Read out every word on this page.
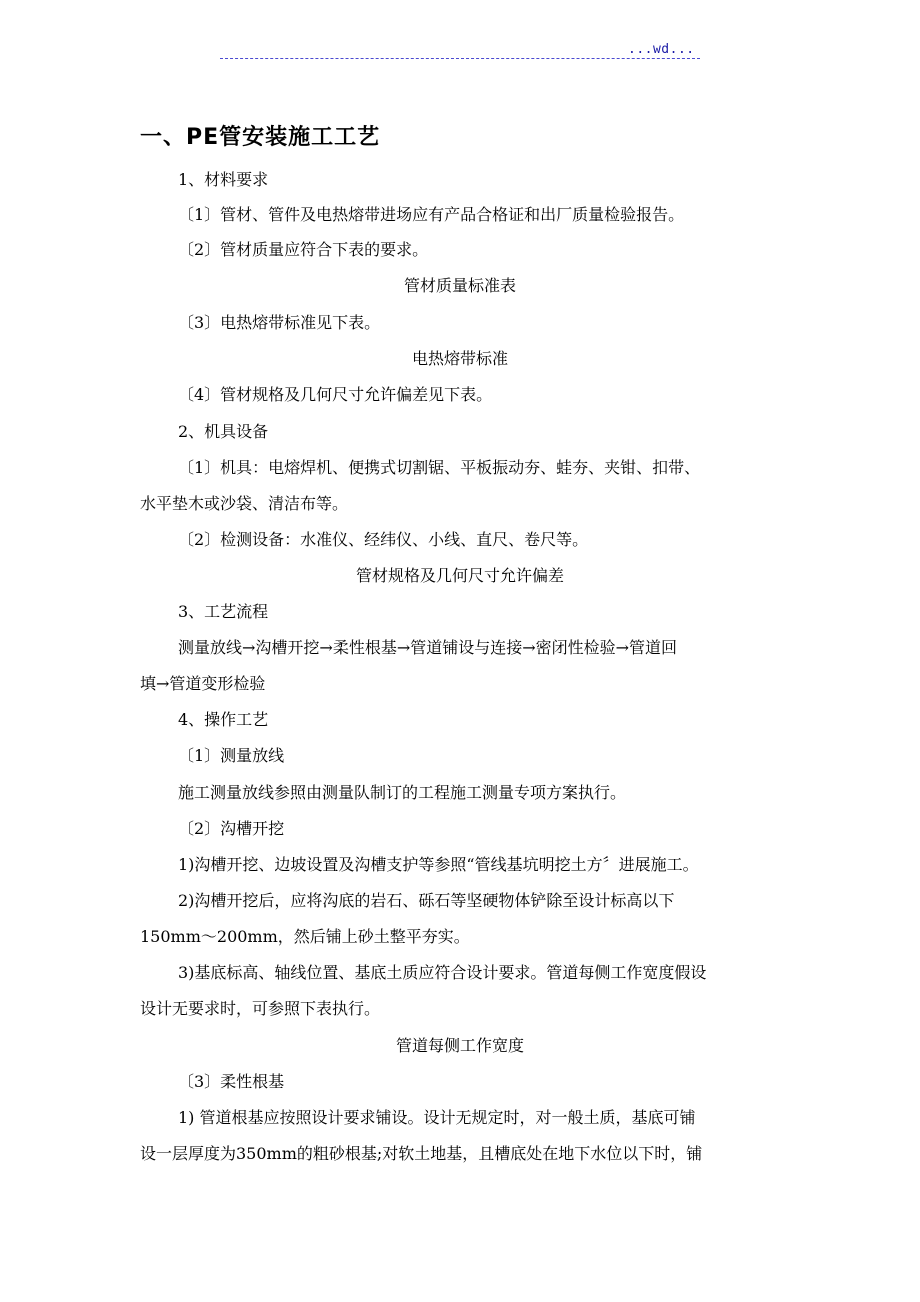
...wd...
一、PE管安装施工工艺
1、材料要求
〔1〕管材、管件及电热熔带进场应有产品合格证和出厂质量检验报告。
〔2〕管材质量应符合下表的要求。
管材质量标准表
〔3〕电热熔带标准见下表。
电热熔带标准
〔4〕管材规格及几何尺寸允许偏差见下表。
2、机具设备
〔1〕机具：电熔焊机、便携式切割锯、平板振动夯、蛙夯、夹钳、扣带、
水平垫木或沙袋、清洁布等。
〔2〕检测设备：水准仪、经纬仪、小线、直尺、卷尺等。
管材规格及几何尺寸允许偏差
3、工艺流程
测量放线→沟槽开挖→柔性根基→管道铺设与连接→密闭性检验→管道回
填→管道变形检验
4、操作工艺
〔1〕测量放线
施工测量放线参照由测量队制订的工程施工测量专项方案执行。
〔2〕沟槽开挖
1)沟槽开挖、边坡设置及沟槽支护等参照“管线基坑明挖土方〞进展施工。
2)沟槽开挖后，应将沟底的岩石、砾石等坚硬物体铲除至设计标高以下
150mm～200mm，然后铺上砂土整平夯实。
3)基底标高、轴线位置、基底土质应符合设计要求。管道每侧工作宽度假设
设计无要求时，可参照下表执行。
管道每侧工作宽度
〔3〕柔性根基
1) 管道根基应按照设计要求铺设。设计无规定时，对一般土质，基底可铺
设一层厚度为350mm的粗砂根基;对软土地基，且槽底处在地下水位以下时，铺
